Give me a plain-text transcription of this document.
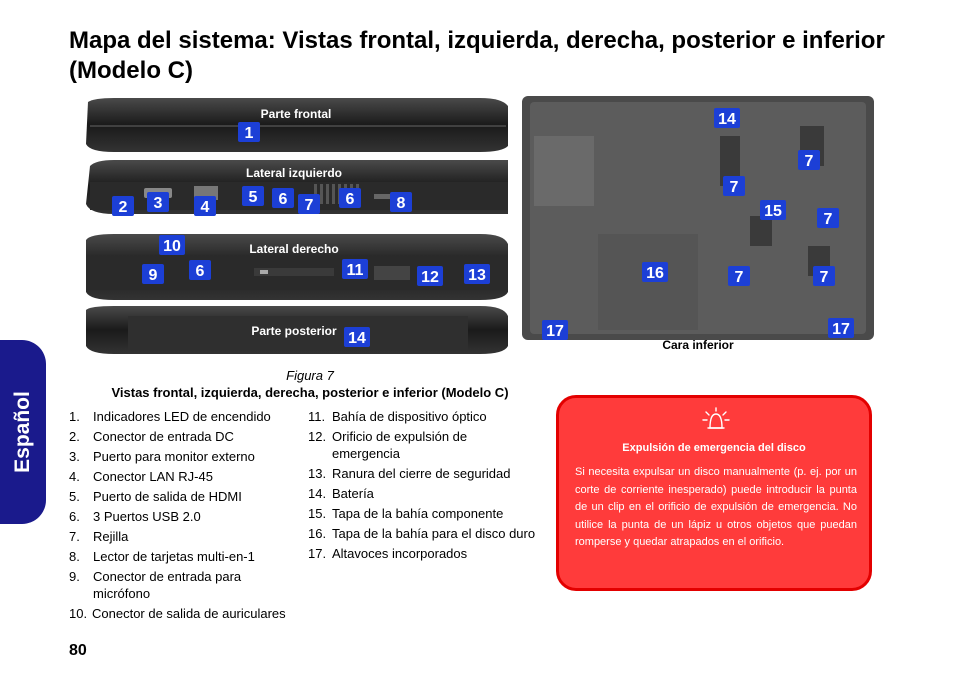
Mapa del sistema: Vistas frontal, izquierda, derecha, posterior e inferior (Modelo C)
Español
Parte frontal
1
Lateral izquierdo
2 3 4
5 6 7 6	8
Lateral derecho
10
9 6	11	12 13
Parte posterior 14
14
7
7
15	7
16	7	7
17	17
Cara inferior
Figura 7
Vistas frontal, izquierda, derecha, posterior e inferior (Modelo C)
1. Indicadores LED de encendido
2. Conector de entrada DC
3. Puerto para monitor externo
4. Conector LAN RJ-45
5. Puerto de salida de HDMI
6. 3 Puertos USB 2.0
7. Rejilla
8. Lector de tarjetas multi-en-1
9. Conector de entrada para micrófono
10. Conector de salida de auriculares
11. Bahía de dispositivo óptico
12. Orificio de expulsión de emergencia
13. Ranura del cierre de seguridad
14. Batería
15. Tapa de la bahía componente
16. Tapa de la bahía para el disco duro
17. Altavoces incorporados
Expulsión de emergencia del disco
Si necesita expulsar un disco manualmente (p. ej. por un corte de corriente inesperado) puede introducir la punta de un clip en el orificio de expulsión de emergencia. No utilice la punta de un lápiz u otros objetos que puedan romperse y quedar atrapados en el orificio.
80
